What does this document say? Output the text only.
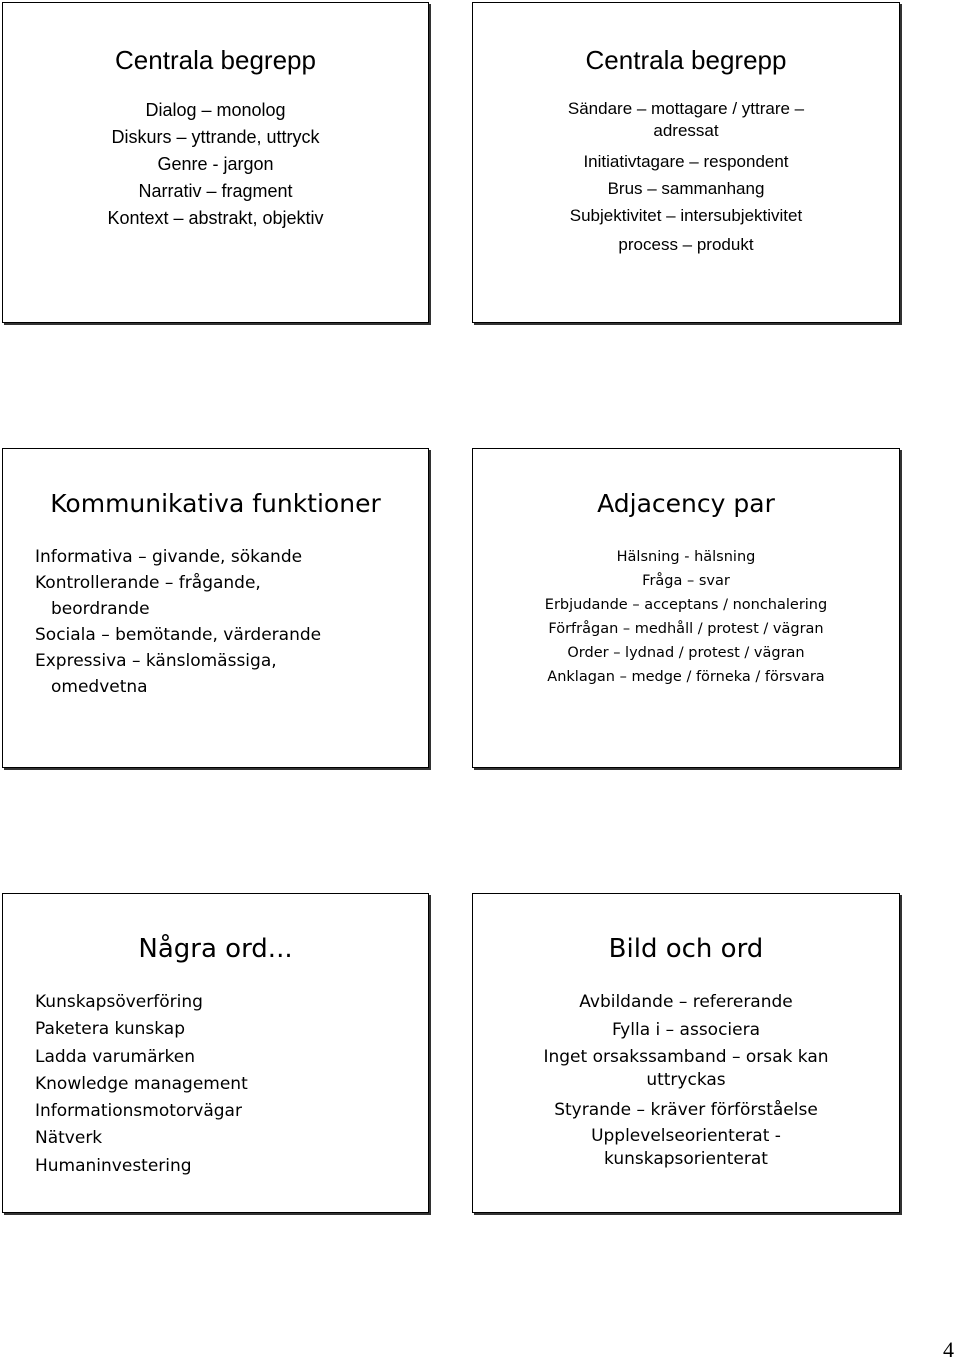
Centrala begrepp
Dialog – monolog
Diskurs – yttrande, uttryck
Genre - jargon
Narrativ – fragment
Kontext – abstrakt, objektiv
Centrala begrepp
Sändare – mottagare / yttrare –
adressat
Initiativtagare – respondent
Brus – sammanhang
Subjektivitet – intersubjektivitet
process – produkt
Kommunikativa funktioner
Informativa – givande, sökande
Kontrollerande – frågande,
beordrande
Sociala – bemötande, värderande
Expressiva – känslomässiga,
omedvetna
Adjacency par
Hälsning - hälsning
Fråga – svar
Erbjudande – acceptans / nonchalering
Förfrågan – medhåll / protest / vägran
Order – lydnad / protest / vägran
Anklagan – medge / förneka / försvara
Några ord...
Kunskapsöverföring
Paketera kunskap
Ladda varumärken
Knowledge management
Informationsmotorvägar
Nätverk
Humaninvestering
Bild och ord
Avbildande – refererande
Fylla i – associera
Inget orsakssamband – orsak kan
uttryckas
Styrande – kräver förförståelse
Upplevelseorienterat -
kunskapsorienterat
4
